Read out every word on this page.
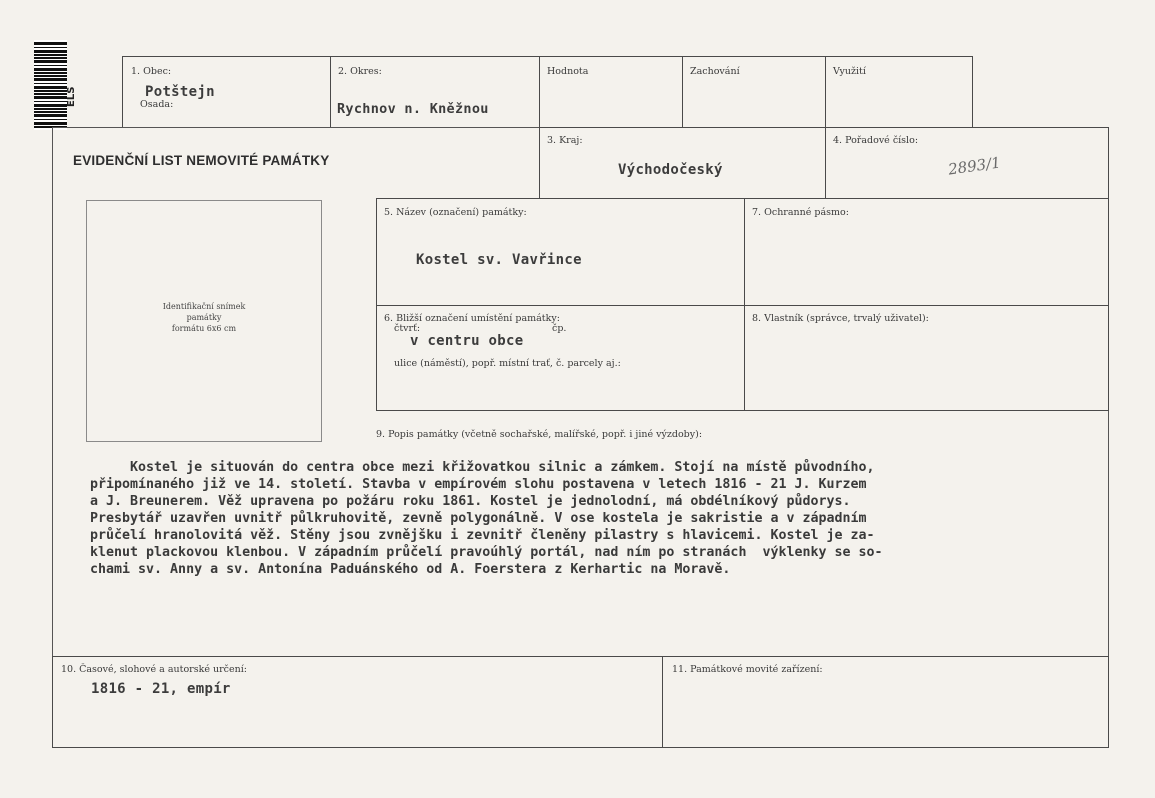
ELS
1. Obec:
Potštejn
Osada:
2. Okres:
Rychnov n. Kněžnou
Hodnota	Zachování	Využití
EVIDENČNÍ LIST NEMOVITÉ PAMÁTKY
3. Kraj:
Východočeský
4. Pořadové číslo:
2893/1
Identifikační snímek
památky
formátu 6x6 cm
5. Název (označení) památky:
Kostel sv. Vavřince
7. Ochranné pásmo:
6. Bližší označení umístění památky:
čtvrť:	čp.
v centru obce
ulice (náměstí), popř. místní trať, č. parcely aj.:
8. Vlastník (správce, trvalý uživatel):
9. Popis památky (včetně sochařské, malířské, popř. i jiné výzdoby):
Kostel je situován do centra obce mezi křižovatkou silnic a zámkem. Stojí na místě původního,
připomínaného již ve 14. století. Stavba v empírovém slohu postavena v letech 1816 - 21 J. Kurzem
a J. Breunerem. Věž upravena po požáru roku 1861. Kostel je jednolodní, má obdélníkový půdorys.
Presbytář uzavřen uvnitř půlkruhovitě, zevně polygonálně. V ose kostela je sakristie a v západním
průčelí hranolovitá věž. Stěny jsou zvnějšku i zevnitř členěny pilastry s hlavicemi. Kostel je za-
klenut plackovou klenbou. V západním průčelí pravoúhlý portál, nad ním po stranách  výklenky se so-
chami sv. Anny a sv. Antonína Paduánského od A. Foerstera z Kerhartic na Moravě.
10. Časové, slohové a autorské určení:
1816 - 21, empír
11. Památkové movité zařízení:
